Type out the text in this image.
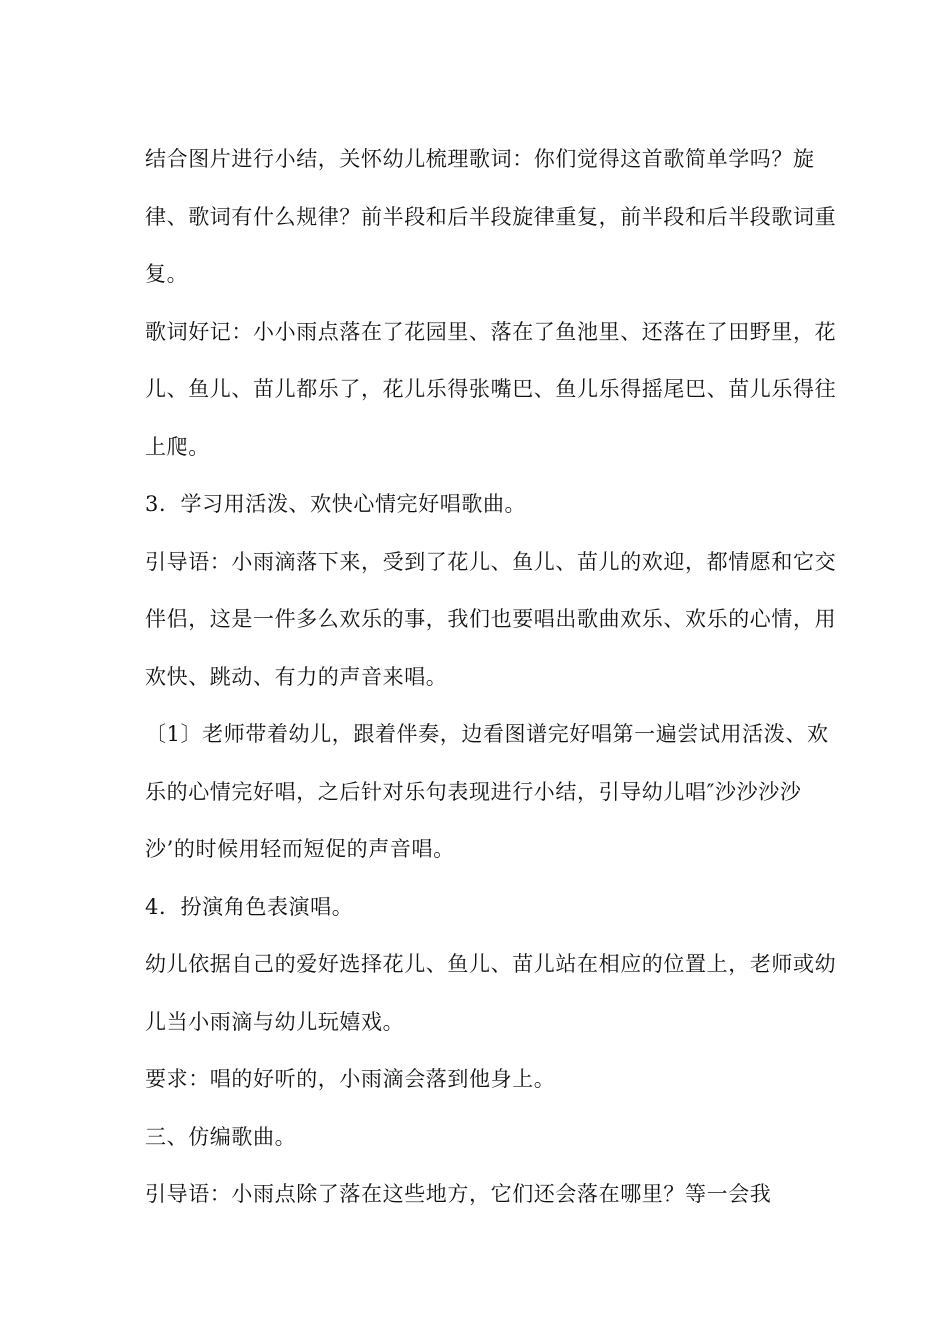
结合图片进行小结，关怀幼儿梳理歌词：你们觉得这首歌简单学吗？旋律、歌词有什么规律？前半段和后半段旋律重复，前半段和后半段歌词重复。

歌词好记：小小雨点落在了花园里、落在了鱼池里、还落在了田野里，花儿、鱼儿、苗儿都乐了，花儿乐得张嘴巴、鱼儿乐得摇尾巴、苗儿乐得往上爬。

3．学习用活泼、欢快心情完好唱歌曲。

引导语：小雨滴落下来，受到了花儿、鱼儿、苗儿的欢迎，都情愿和它交伴侣，这是一件多么欢乐的事，我们也要唱出歌曲欢乐、欢乐的心情，用欢快、跳动、有力的声音来唱。

〔1〕老师带着幼儿，跟着伴奏，边看图谱完好唱第一遍尝试用活泼、欢乐的心情完好唱，之后针对乐句表现进行小结，引导幼儿唱″沙沙沙沙沙’的时候用轻而短促的声音唱。

4．扮演角色表演唱。

幼儿依据自己的爱好选择花儿、鱼儿、苗儿站在相应的位置上，老师或幼儿当小雨滴与幼儿玩嬉戏。

要求：唱的好听的，小雨滴会落到他身上。

三、仿编歌曲。

引导语：小雨点除了落在这些地方，它们还会落在哪里？等一会我
